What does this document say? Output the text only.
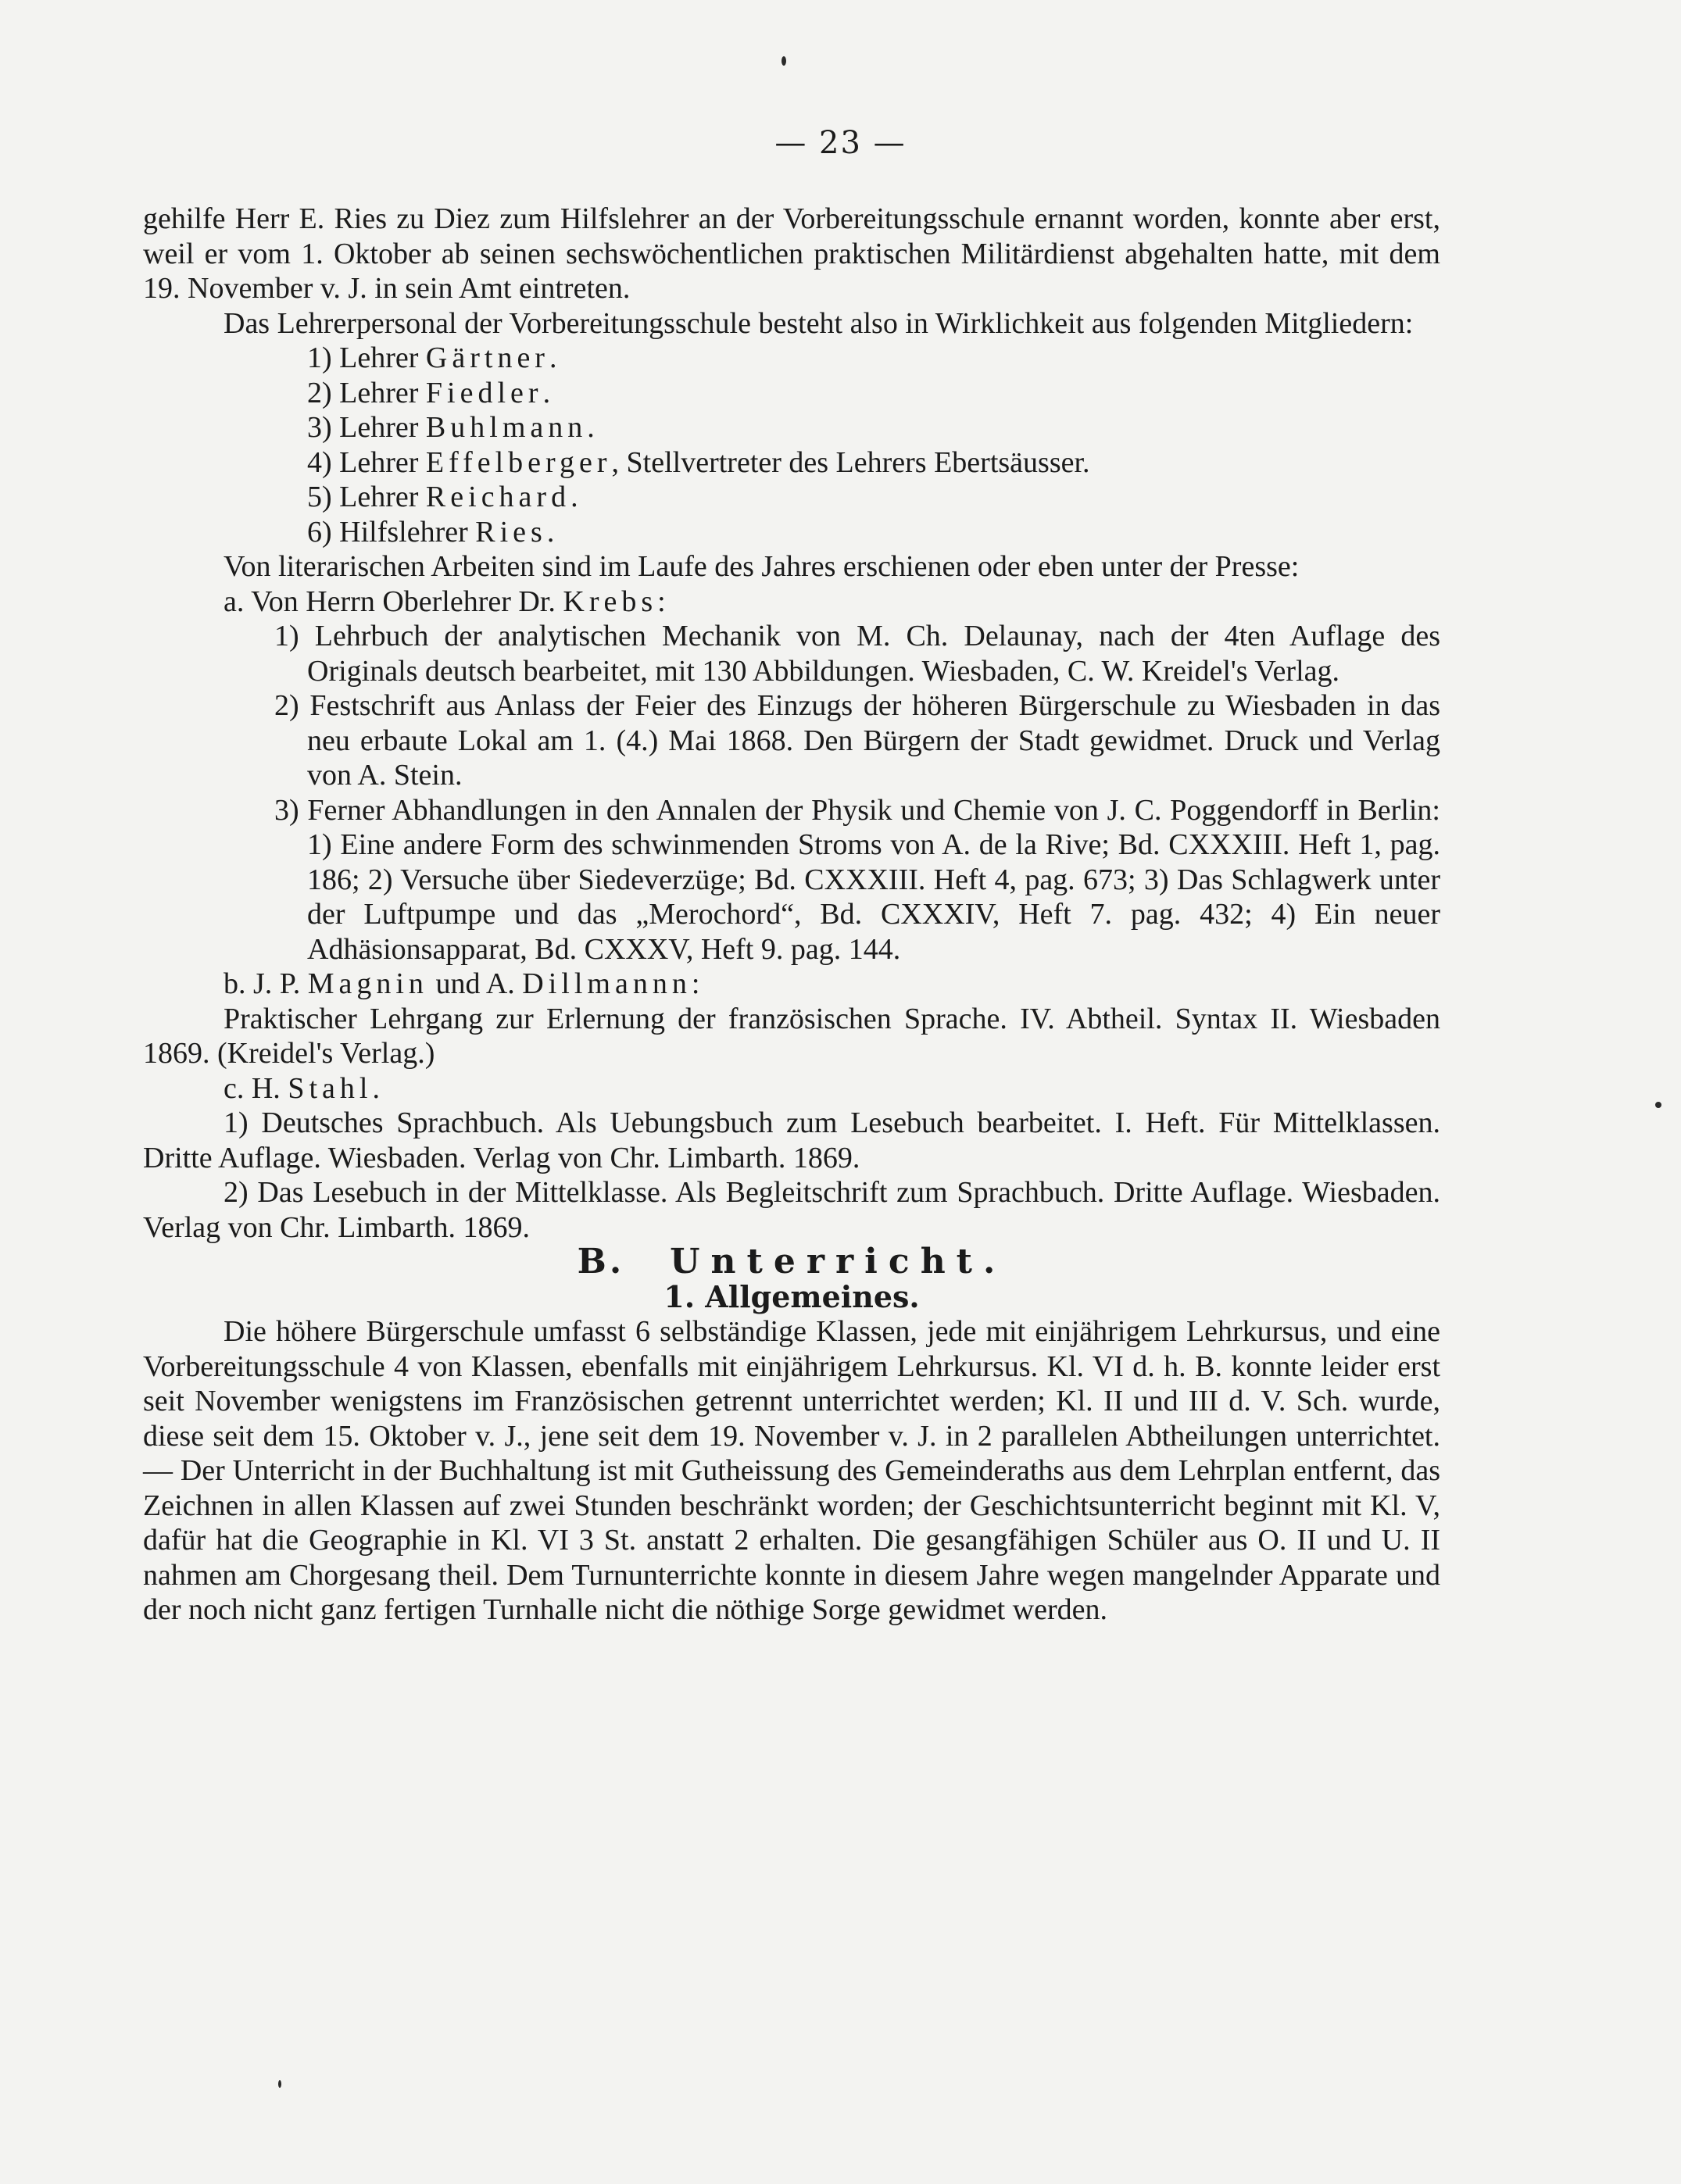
— 23 —

gehilfe Herr E. Ries zu Diez zum Hilfslehrer an der Vorbereitungsschule ernannt worden, konnte aber erst, weil er vom 1. Oktober ab seinen sechswöchentlichen praktischen Militärdienst abgehalten hatte, mit dem 19. November v. J. in sein Amt eintreten.

Das Lehrerpersonal der Vorbereitungsschule besteht also in Wirklichkeit aus folgenden Mitgliedern:

1) Lehrer Gärtner.

2) Lehrer Fiedler.

3) Lehrer Buhlmann.

4) Lehrer Effelberger, Stellvertreter des Lehrers Ebertsäusser.

5) Lehrer Reichard.

6) Hilfslehrer Ries.

Von literarischen Arbeiten sind im Laufe des Jahres erschienen oder eben unter der Presse:

a. Von Herrn Oberlehrer Dr. Krebs:

1) Lehrbuch der analytischen Mechanik von M. Ch. Delaunay, nach der 4ten Auflage des Originals deutsch bearbeitet, mit 130 Abbildungen. Wiesbaden, C. W. Kreidel's Verlag.

2) Festschrift aus Anlass der Feier des Einzugs der höheren Bürgerschule zu Wiesbaden in das neu erbaute Lokal am 1. (4.) Mai 1868. Den Bürgern der Stadt gewidmet. Druck und Verlag von A. Stein.

3) Ferner Abhandlungen in den Annalen der Physik und Chemie von J. C. Poggendorff in Berlin: 1) Eine andere Form des schwinmenden Stroms von A. de la Rive; Bd. CXXXIII. Heft 1, pag. 186; 2) Versuche über Siedeverzüge; Bd. CXXXIII. Heft 4, pag. 673; 3) Das Schlagwerk unter der Luftpumpe und das „Merochord“, Bd. CXXXIV, Heft 7. pag. 432; 4) Ein neuer Adhäsionsapparat, Bd. CXXXV, Heft 9. pag. 144.

b. J. P. Magnin und A. Dillmannn:

Praktischer Lehrgang zur Erlernung der französischen Sprache. IV. Abtheil. Syntax II. Wiesbaden 1869. (Kreidel's Verlag.)

c. H. Stahl.

1) Deutsches Sprachbuch. Als Uebungsbuch zum Lesebuch bearbeitet. I. Heft. Für Mittelklassen. Dritte Auflage. Wiesbaden. Verlag von Chr. Limbarth. 1869.

2) Das Lesebuch in der Mittelklasse. Als Begleitschrift zum Sprachbuch. Dritte Auflage. Wiesbaden. Verlag von Chr. Limbarth. 1869.

B. Unterricht.

1. Allgemeines.

Die höhere Bürgerschule umfasst 6 selbständige Klassen, jede mit einjährigem Lehrkursus, und eine Vorbereitungsschule 4 von Klassen, ebenfalls mit einjährigem Lehrkursus. Kl. VI d. h. B. konnte leider erst seit November wenigstens im Französischen getrennt unterrichtet werden; Kl. II und III d. V. Sch. wurde, diese seit dem 15. Oktober v. J., jene seit dem 19. November v. J. in 2 parallelen Abtheilungen unterrichtet. — Der Unterricht in der Buchhaltung ist mit Gutheissung des Gemeinderaths aus dem Lehrplan entfernt, das Zeichnen in allen Klassen auf zwei Stunden beschränkt worden; der Geschichtsunterricht beginnt mit Kl. V, dafür hat die Geographie in Kl. VI 3 St. anstatt 2 erhalten. Die gesangfähigen Schüler aus O. II und U. II nahmen am Chorgesang theil. Dem Turnunterrichte konnte in diesem Jahre wegen mangelnder Apparate und der noch nicht ganz fertigen Turnhalle nicht die nöthige Sorge gewidmet werden.
